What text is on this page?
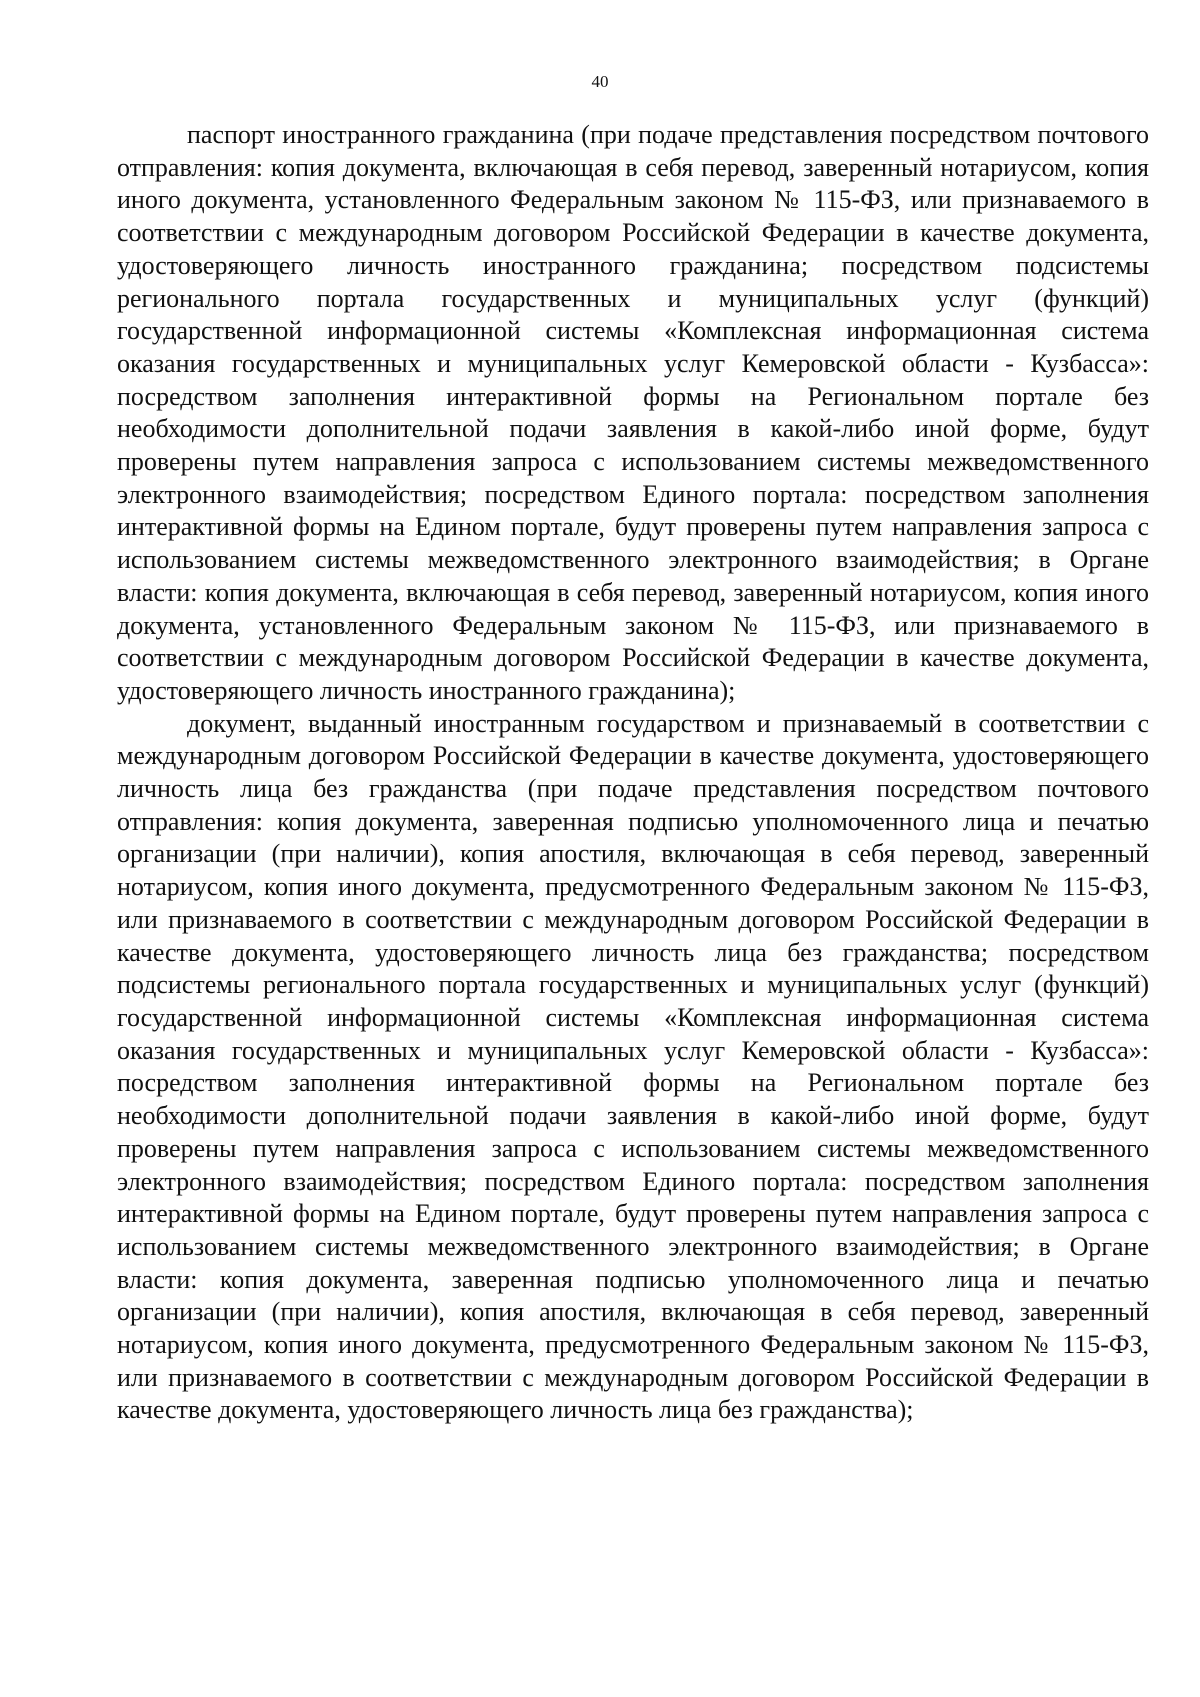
40

паспорт иностранного гражданина (при подаче представления посредством почтового отправления: копия документа, включающая в себя перевод, заверенный нотариусом, копия иного документа, установленного Федеральным законом № 115-ФЗ, или признаваемого в соответствии с международным договором Российской Федерации в качестве документа, удостоверяющего личность иностранного гражданина; посредством подсистемы регионального портала государственных и муниципальных услуг (функций) государственной информационной системы «Комплексная информационная система оказания государственных и муниципальных услуг Кемеровской области - Кузбасса»: посредством заполнения интерактивной формы на Региональном портале без необходимости дополнительной подачи заявления в какой-либо иной форме, будут проверены путем направления запроса с использованием системы межведомственного электронного взаимодействия; посредством Единого портала: посредством заполнения интерактивной формы на Едином портале, будут проверены путем направления запроса с использованием системы межведомственного электронного взаимодействия; в Органе власти: копия документа, включающая в себя перевод, заверенный нотариусом, копия иного документа, установленного Федеральным законом № 115-ФЗ, или признаваемого в соответствии с международным договором Российской Федерации в качестве документа, удостоверяющего личность иностранного гражданина);

документ, выданный иностранным государством и признаваемый в соответствии с международным договором Российской Федерации в качестве документа, удостоверяющего личность лица без гражданства (при подаче представления посредством почтового отправления: копия документа, заверенная подписью уполномоченного лица и печатью организации (при наличии), копия апостиля, включающая в себя перевод, заверенный нотариусом, копия иного документа, предусмотренного Федеральным законом № 115-ФЗ, или признаваемого в соответствии с международным договором Российской Федерации в качестве документа, удостоверяющего личность лица без гражданства; посредством подсистемы регионального портала государственных и муниципальных услуг (функций) государственной информационной системы «Комплексная информационная система оказания государственных и муниципальных услуг Кемеровской области - Кузбасса»: посредством заполнения интерактивной формы на Региональном портале без необходимости дополнительной подачи заявления в какой-либо иной форме, будут проверены путем направления запроса с использованием системы межведомственного электронного взаимодействия; посредством Единого портала: посредством заполнения интерактивной формы на Едином портале, будут проверены путем направления запроса с использованием системы межведомственного электронного взаимодействия; в Органе власти: копия документа, заверенная подписью уполномоченного лица и печатью организации (при наличии), копия апостиля, включающая в себя перевод, заверенный нотариусом, копия иного документа, предусмотренного Федеральным законом № 115-ФЗ, или признаваемого в соответствии с международным договором Российской Федерации в качестве документа, удостоверяющего личность лица без гражданства);
